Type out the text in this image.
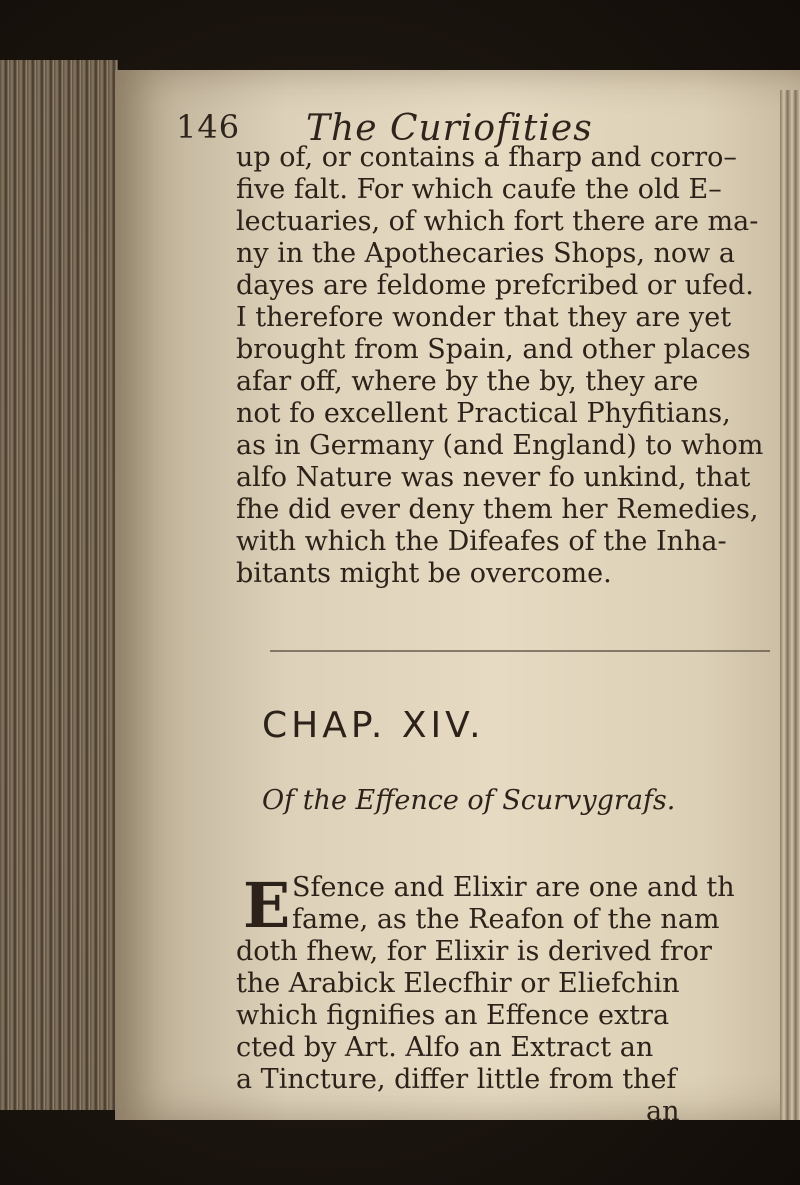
146 The Curiofities
up of, or contains a fharp and corro–
five falt. For which caufe the old E–
lectuaries, of which fort there are ma-
ny in the Apothecaries Shops, now a
dayes are feldome prefcribed or ufed.
I therefore wonder that they are yet
brought from Spain, and other places
afar off, where by the by, they are
not fo excellent Practical Phyfitians,
as in Germany (and England) to whom
alfo Nature was never fo unkind, that
fhe did ever deny them her Remedies,
with which the Difeafes of the Inha-
bitants might be overcome.
CHAP. XIV.
Of the Effence of Scurvygrafs.
E Sfence and Elixir are one and th
fame, as the Reafon of the nam
doth fhew, for Elixir is derived fror
the Arabick Elecfhir or Eliefchin
which fignifies an Effence extra
cted by Art. Alfo an Extract an
a Tincture, differ little from thef
an
